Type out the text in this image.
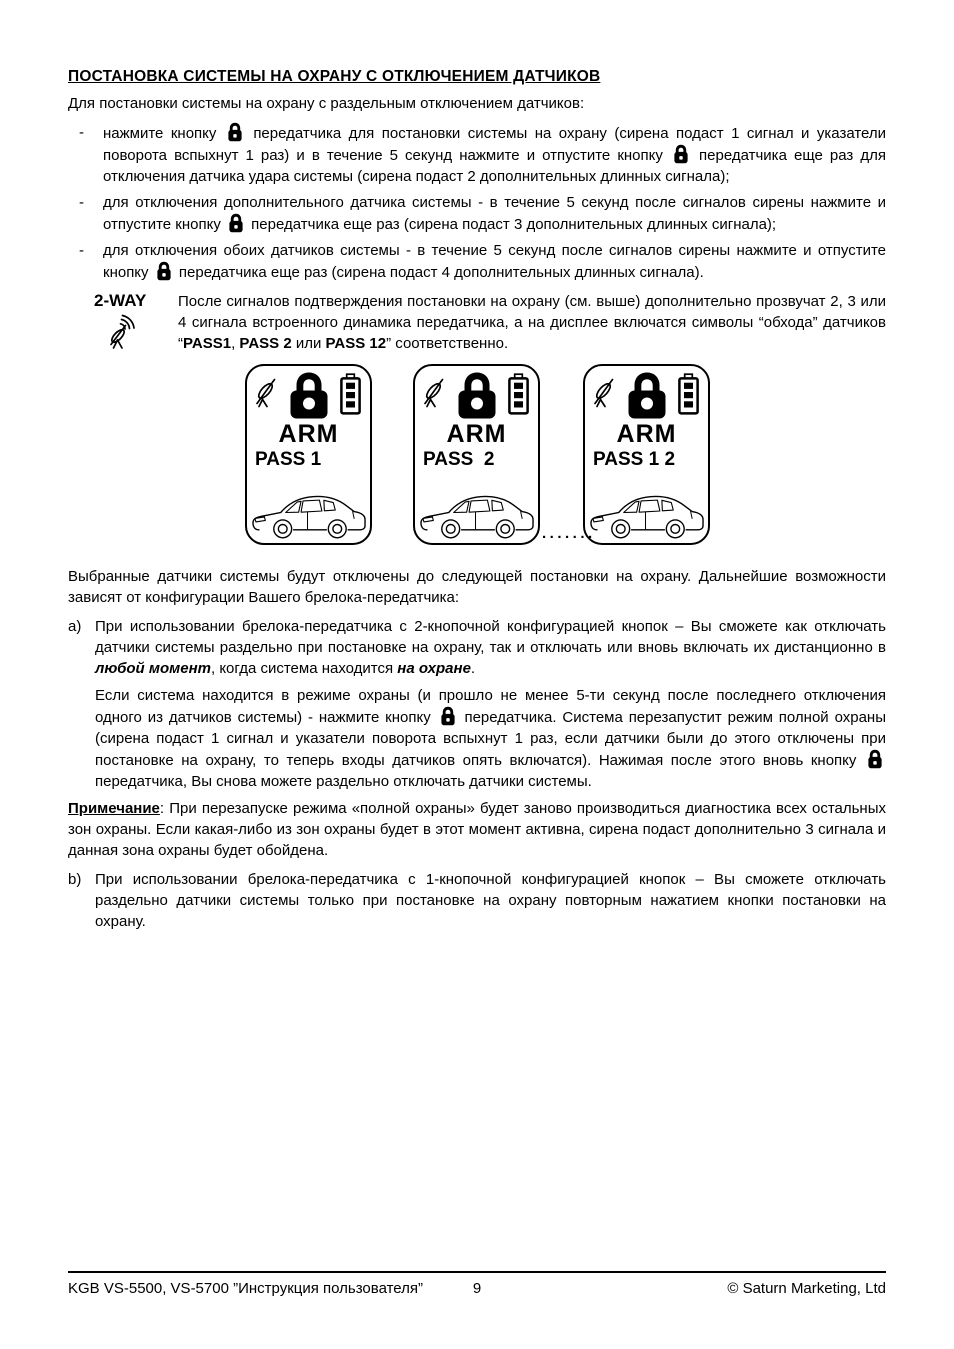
ПОСТАНОВКА СИСТЕМЫ НА ОХРАНУ С ОТКЛЮЧЕНИЕМ ДАТЧИКОВ

Для постановки системы на охрану с раздельным отключением датчиков:

-	нажмите кнопку  передатчика для постановки системы на охрану (сирена подаст 1 сигнал и указатели поворота вспыхнут 1 раз) и в течение 5 секунд нажмите и отпустите кнопку  передатчика еще раз для отключения датчика удара системы (сирена подаст 2 дополнительных длинных сигнала);
-	для отключения дополнительного датчика системы - в течение 5 секунд после сигналов сирены нажмите и отпустите кнопку  передатчика еще раз (сирена подаст 3 дополнительных длинных сигнала);
-	для отключения обоих датчиков системы - в течение 5 секунд после сигналов сирены нажмите и отпустите кнопку  передатчика еще раз (сирена подаст 4 дополнительных длинных сигнала).
2-WAY	После сигналов подтверждения постановки на охрану (см. выше) дополнительно прозвучат 2, 3 или 4 сигнала встроенного динамика передатчика, а на дисплее включатся символы “обхода” датчиков “PASS1, PASS 2 или PASS 12” соответственно.
ARM
PASS 1
ARM
PASS  2
ARM
PASS 1 2
.......

Выбранные датчики системы будут отключены до следующей постановки на охрану. Дальнейшие возможности зависят от конфигурации Вашего брелока-передатчика:

a) При использовании брелока-передатчика с 2-кнопочной конфигурацией кнопок – Вы сможете как отключать датчики системы раздельно при постановке на охрану, так и отключать или вновь включать их дистанционно в любой момент, когда система находится на охране.

Если система находится в режиме охраны (и прошло не менее 5-ти секунд после последнего отключения одного из датчиков системы) - нажмите кнопку  передатчика. Система перезапустит режим полной охраны (сирена подаст 1 сигнал и указатели поворота вспыхнут 1 раз, если датчики были до этого отключены при постановке на охрану, то теперь входы датчиков опять включатся). Нажимая после этого вновь кнопку  передатчика, Вы снова можете раздельно отключать датчики системы.

Примечание: При перезапуске режима «полной охраны» будет заново производиться диагностика всех остальных зон охраны. Если какая-либо из зон охраны будет в этот момент активна, сирена подаст дополнительно 3 сигнала и данная зона охраны будет обойдена.

b) При использовании брелока-передатчика с 1-кнопочной конфигурацией кнопок – Вы сможете отключать раздельно датчики системы только при постановке на охрану повторным нажатием кнопки постановки на охрану.
KGB VS-5500, VS-5700 ”Инструкция пользователя”	9	© Saturn Marketing, Ltd
